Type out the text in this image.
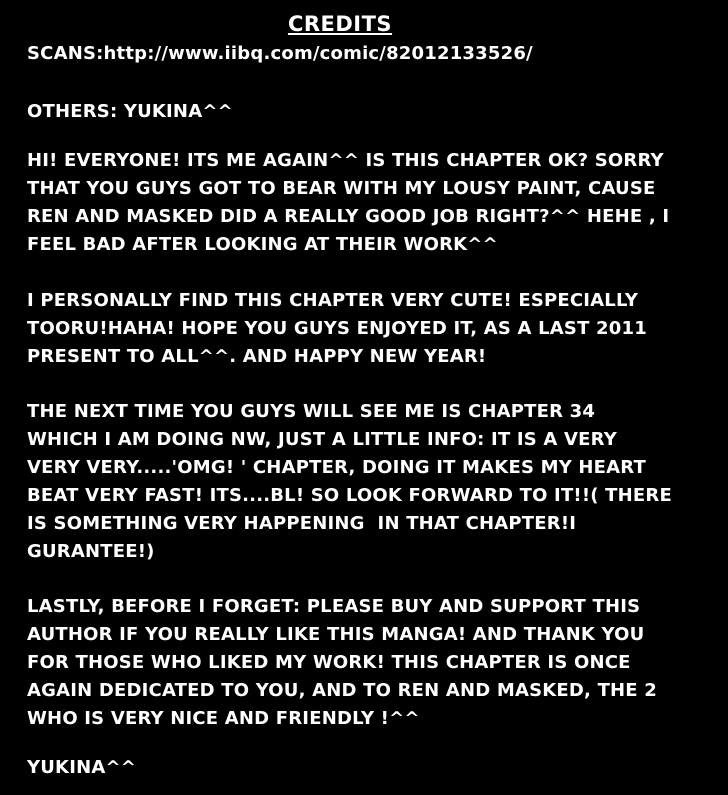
CREDITS
SCANS:http://www.iibq.com/comic/82012133526/
OTHERS: YUKINA^^
HI! EVERYONE! ITS ME AGAIN^^ IS THIS CHAPTER OK? SORRY
THAT YOU GUYS GOT TO BEAR WITH MY LOUSY PAINT, CAUSE
REN AND MASKED DID A REALLY GOOD JOB RIGHT?^^ HEHE , I
FEEL BAD AFTER LOOKING AT THEIR WORK^^
I PERSONALLY FIND THIS CHAPTER VERY CUTE! ESPECIALLY
TOORU!HAHA! HOPE YOU GUYS ENJOYED IT, AS A LAST 2011
PRESENT TO ALL^^. AND HAPPY NEW YEAR!
THE NEXT TIME YOU GUYS WILL SEE ME IS CHAPTER 34
WHICH I AM DOING NW, JUST A LITTLE INFO: IT IS A VERY
VERY VERY.....'OMG! ' CHAPTER, DOING IT MAKES MY HEART
BEAT VERY FAST! ITS....BL! SO LOOK FORWARD TO IT!!( THERE
IS SOMETHING VERY HAPPENING  IN THAT CHAPTER!I
GURANTEE!)
LASTLY, BEFORE I FORGET: PLEASE BUY AND SUPPORT THIS
AUTHOR IF YOU REALLY LIKE THIS MANGA! AND THANK YOU
FOR THOSE WHO LIKED MY WORK! THIS CHAPTER IS ONCE
AGAIN DEDICATED TO YOU, AND TO REN AND MASKED, THE 2
WHO IS VERY NICE AND FRIENDLY !^^
YUKINA^^
